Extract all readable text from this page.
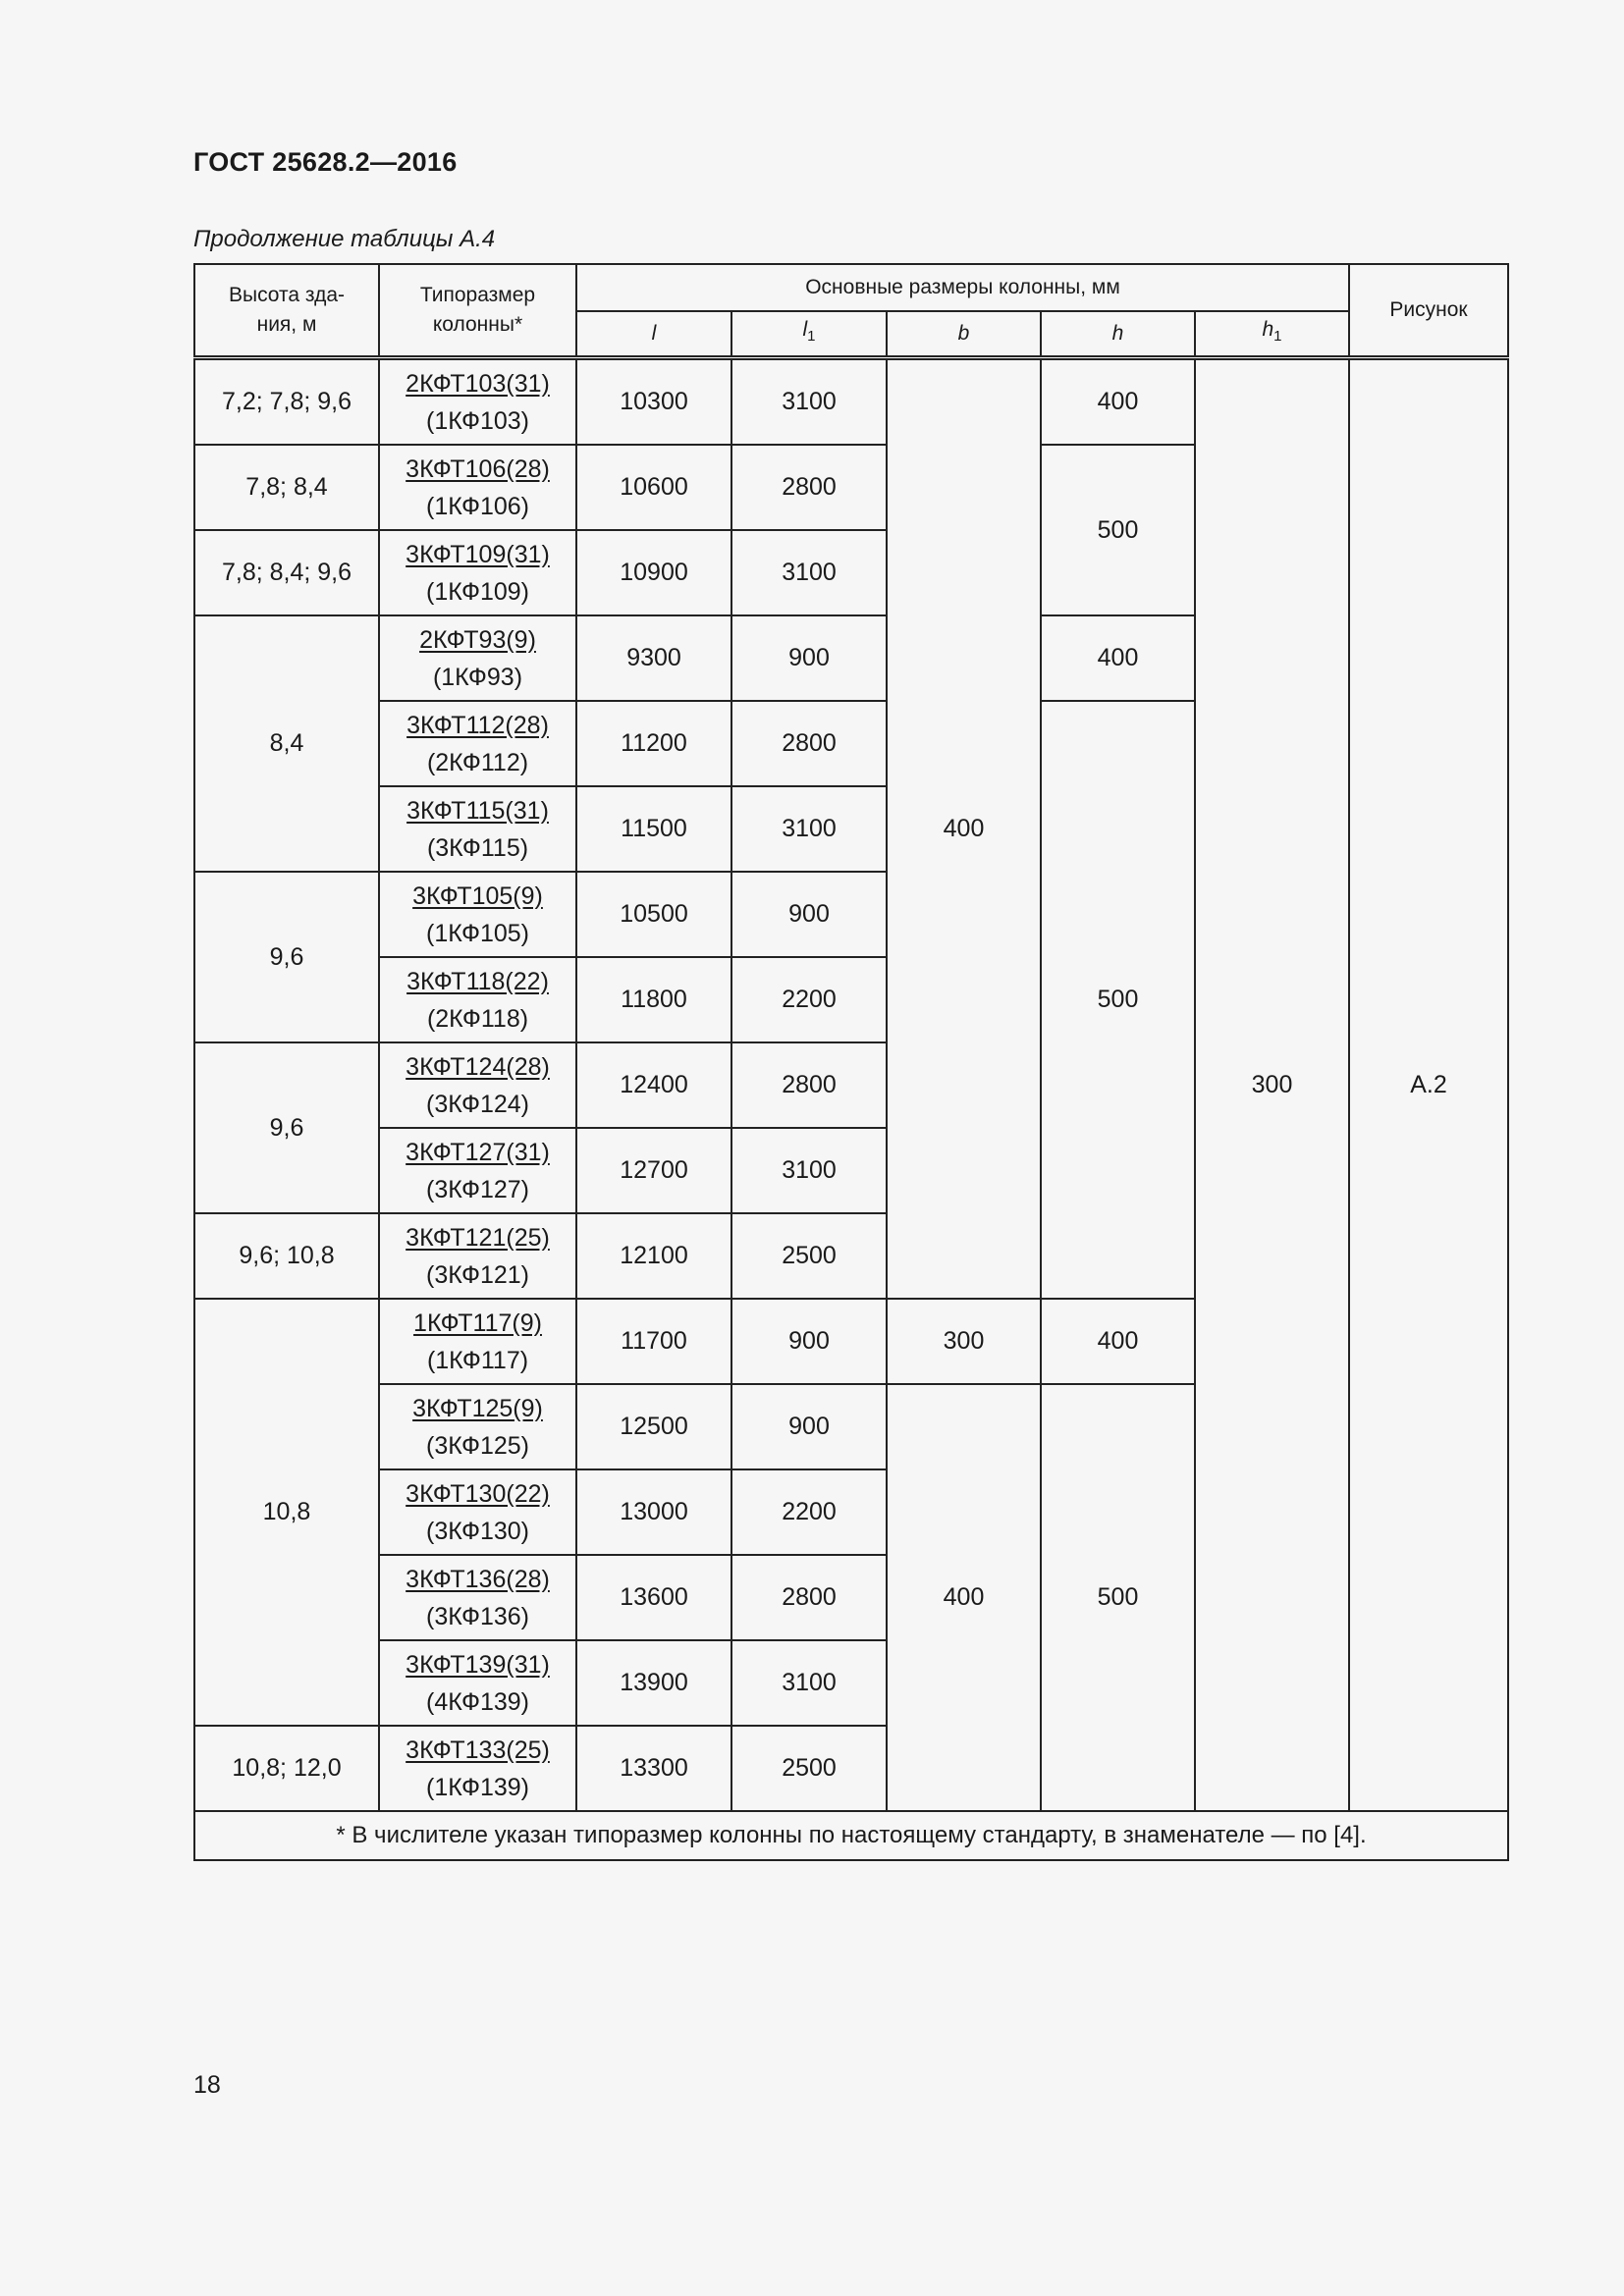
ГОСТ 25628.2—2016
Продолжение таблицы А.4
Высота зда-
ния, м	Типоразмер
колонны*	Основные размеры колонны, мм					Рисунок
		l	$l_1$	b	h	$h_1$
7,2; 7,8; 9,6	2КФТ103(31)
(1КФ103)	10300	3100	400	400	300	А.2
7,8; 8,4	3КФТ106(28)
(1КФ106)	10600	2800		500		
7,8; 8,4; 9,6	3КФТ109(31)
(1КФ109)	10900	3100				
8,4	2КФТ93(9)
(1КФ93)	9300	900		400		

	3КФТ112(28)
(2КФ112)	11200	2800		500		

	3КФТ115(31)
(3КФ115)	11500	3100				
9,6	3КФТ105(9)
(1КФ105)	10500	900				

	3КФТ118(22)
(2КФ118)	11800	2200				
9,6	3КФТ124(28)
(3КФ124)	12400	2800				

	3КФТ127(31)
(3КФ127)	12700	3100				
9,6; 10,8	3КФТ121(25)
(3КФ121)	12100	2500				
10,8	1КФТ117(9)
(1КФ117)	11700	900	300	400		

	3КФТ125(9)
(3КФ125)	12500	900	400	500		

	3КФТ130(22)
(3КФ130)	13000	2200				

	3КФТ136(28)
(3КФ136)	13600	2800				

	3КФТ139(31)
(4КФ139)	13900	3100				
10,8; 12,0	3КФТ133(25)
(1КФ139)	13300	2500				
* В числителе указан типоразмер колонны по настоящему стандарту, в знаменателе — по [4].							
18
